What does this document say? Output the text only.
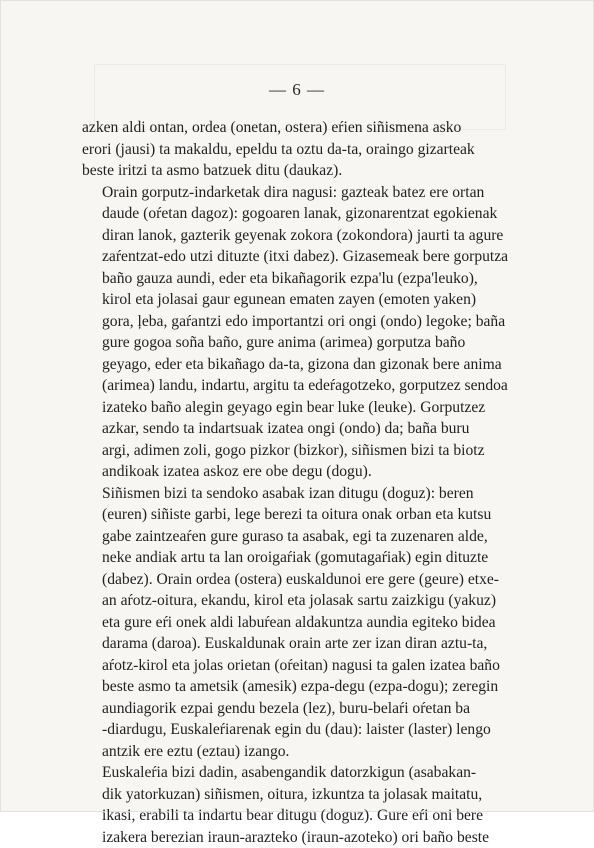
— 6 —

azken aldi ontan, ordea (onetan, ostera) eŕien siñismena asko
erori (jausi) ta makaldu, epeldu ta oztu da-ta, oraingo gizarteak
beste iritzi ta asmo batzuek ditu (daukaz).

Orain gorputz-indarketak dira nagusi: gazteak batez ere ortan
daude (oŕetan dagoz): gogoaren lanak, gizonarentzat egokienak
diran lanok, gazterik geyenak zokora (zokondora) jaurti ta agure
zaŕentzat-edo utzi dituzte (itxi dabez). Gizasemeak bere gorputza
baño gauza aundi, eder eta bikañagorik ezpa'lu (ezpa'leuko),
kirol eta jolasai gaur egunean ematen zayen (emoten yaken)
gora, ļeba, gaŕantzi edo importantzi ori ongi (ondo) legoke; baña
gure gogoa soña baño, gure anima (arimea) gorputza baño
geyago, eder eta bikañago da-ta, gizona dan gizonak bere anima
(arimea) landu, indartu, argitu ta edeŕagotzeko, gorputzez sendoa
izateko baño alegin geyago egin bear luke (leuke). Gorputzez
azkar, sendo ta indartsuak izatea ongi (ondo) da; baña buru
argi, adimen zoli, gogo pizkor (bizkor), siñismen bizi ta biotz
andikoak izatea askoz ere obe degu (dogu).

Siñismen bizi ta sendoko asabak izan ditugu (doguz): beren
(euren) siñiste garbi, lege berezi ta oitura onak orban eta kutsu
gabe zaintzeaŕen gure guraso ta asabak, egi ta zuzenaren alde,
neke andiak artu ta lan oroigaŕiak (gomutagaŕiak) egin dituzte
(dabez). Orain ordea (ostera) euskaldunoi ere gere (geure) etxe-
an aŕotz-oitura, ekandu, kirol eta jolasak sartu zaizkigu (yakuz)
eta gure eŕi onek aldi labuŕean aldakuntza aundia egiteko bidea
darama (daroa). Euskaldunak orain arte zer izan diran aztu-ta,
aŕotz-kirol eta jolas orietan (oŕeitan) nagusi ta galen izatea baño
beste asmo ta ametsik (amesik) ezpa-degu (ezpa-dogu); zeregin
aundiagorik ezpai gendu bezela (lez), buru-belaŕi oŕetan ba
-diardugu, Euskaleŕiarenak egin du (dau): laister (laster) lengo
antzik ere eztu (eztau) izango.

Euskaleŕia bizi dadin, asabengandik datorzkigun (asabakan-
dik yatorkuzan) siñismen, oitura, izkuntza ta jolasak maitatu,
ikasi, erabili ta indartu bear ditugu (doguz). Gure eŕi oni bere
izakera berezian iraun-arazteko (iraun-azoteko) ori baño beste
